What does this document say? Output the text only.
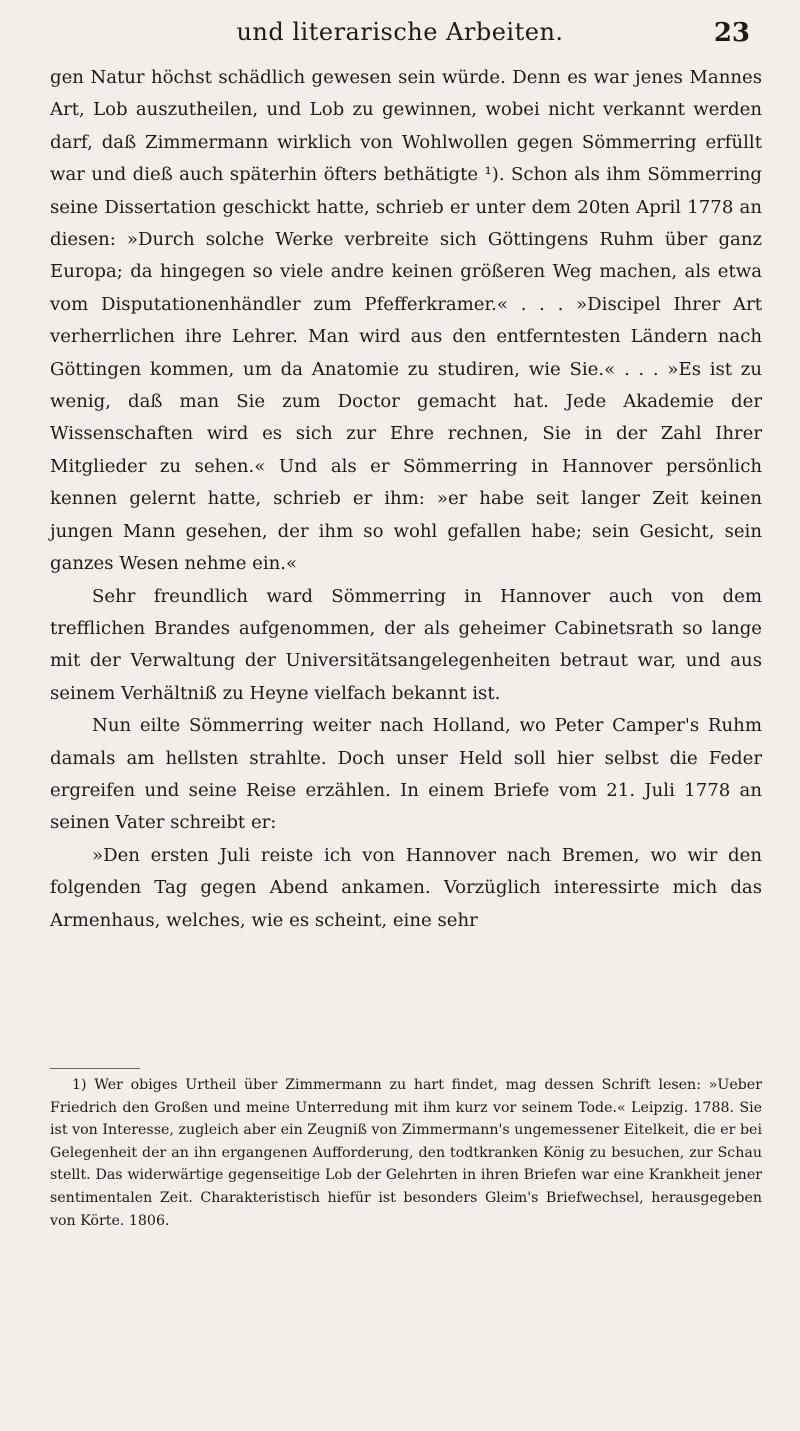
und literarische Arbeiten.	23

gen Natur höchst schädlich gewesen sein würde. Denn es war jenes Mannes Art, Lob auszutheilen, und Lob zu gewinnen, wobei nicht verkannt werden darf, daß Zimmermann wirklich von Wohlwollen gegen Sömmerring erfüllt war und dieß auch späterhin öfters bethätigte ¹). Schon als ihm Sömmerring seine Dissertation geschickt hatte, schrieb er unter dem 20ten April 1778 an diesen: »Durch solche Werke verbreite sich Göttingens Ruhm über ganz Europa; da hingegen so viele andre keinen größeren Weg machen, als etwa vom Disputationenhändler zum Pfefferkramer.« . . . »Discipel Ihrer Art verherrlichen ihre Lehrer. Man wird aus den entferntesten Ländern nach Göttingen kommen, um da Anatomie zu studiren, wie Sie.« . . . »Es ist zu wenig, daß man Sie zum Doctor gemacht hat. Jede Akademie der Wissenschaften wird es sich zur Ehre rechnen, Sie in der Zahl Ihrer Mitglieder zu sehen.« Und als er Sömmerring in Hannover persönlich kennen gelernt hatte, schrieb er ihm: »er habe seit langer Zeit keinen jungen Mann gesehen, der ihm so wohl gefallen habe; sein Gesicht, sein ganzes Wesen nehme ein.«

Sehr freundlich ward Sömmerring in Hannover auch von dem trefflichen Brandes aufgenommen, der als geheimer Cabinetsrath so lange mit der Verwaltung der Universitätsangelegenheiten betraut war, und aus seinem Verhältniß zu Heyne vielfach bekannt ist.

Nun eilte Sömmerring weiter nach Holland, wo Peter Camper's Ruhm damals am hellsten strahlte. Doch unser Held soll hier selbst die Feder ergreifen und seine Reise erzählen. In einem Briefe vom 21. Juli 1778 an seinen Vater schreibt er:

»Den ersten Juli reiste ich von Hannover nach Bremen, wo wir den folgenden Tag gegen Abend ankamen. Vorzüglich interessirte mich das Armenhaus, welches, wie es scheint, eine sehr

1) Wer obiges Urtheil über Zimmermann zu hart findet, mag dessen Schrift lesen: »Ueber Friedrich den Großen und meine Unterredung mit ihm kurz vor seinem Tode.« Leipzig. 1788. Sie ist von Interesse, zugleich aber ein Zeugniß von Zimmermann's ungemessener Eitelkeit, die er bei Gelegenheit der an ihn ergangenen Aufforderung, den todtkranken König zu besuchen, zur Schau stellt. Das widerwärtige gegenseitige Lob der Gelehrten in ihren Briefen war eine Krankheit jener sentimentalen Zeit. Charakteristisch hiefür ist besonders Gleim's Briefwechsel, herausgegeben von Körte. 1806.
